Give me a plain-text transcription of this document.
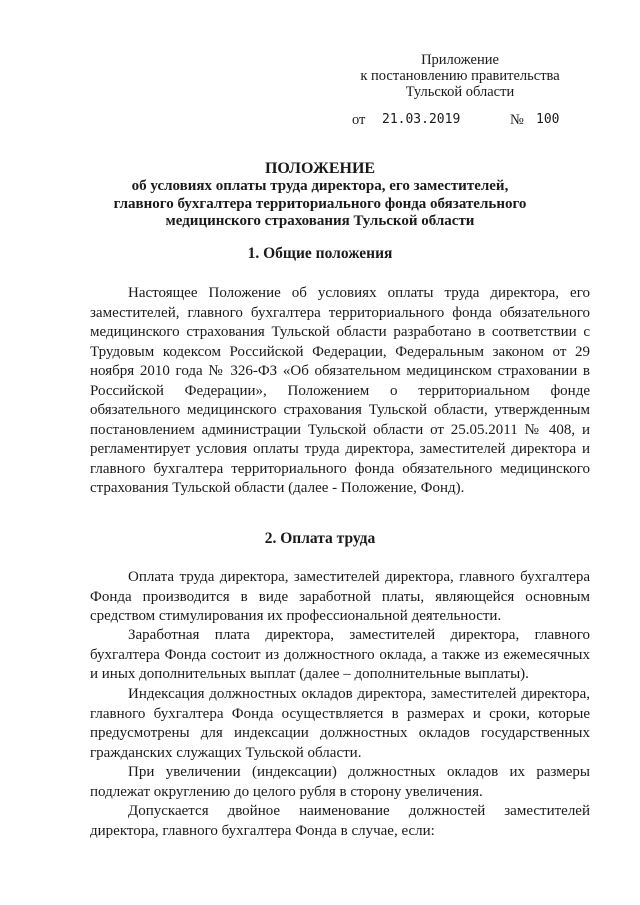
Приложение
к постановлению правительства
Тульской области
от 21.03.2019	№ 100
ПОЛОЖЕНИЕ
об условиях оплаты труда директора, его заместителей,
главного бухгалтера территориального фонда обязательного
медицинского страхования Тульской области
1. Общие положения
Настоящее Положение об условиях оплаты труда директора, его заместителей, главного бухгалтера территориального фонда обязательного медицинского страхования Тульской области разработано в соответствии с Трудовым кодексом Российской Федерации, Федеральным законом от 29 ноября 2010 года № 326-ФЗ «Об обязательном медицинском страховании в Российской Федерации», Положением о территориальном фонде обязательного медицинского страхования Тульской области, утвержденным постановлением администрации Тульской области от 25.05.2011 № 408, и регламентирует условия оплаты труда директора, заместителей директора и главного бухгалтера территориального фонда обязательного медицинского страхования Тульской области (далее - Положение, Фонд).
2. Оплата труда
Оплата труда директора, заместителей директора, главного бухгалтера Фонда производится в виде заработной платы, являющейся основным средством стимулирования их профессиональной деятельности.
Заработная плата директора, заместителей директора, главного бухгалтера Фонда состоит из должностного оклада, а также из ежемесячных и иных дополнительных выплат (далее – дополнительные выплаты).
Индексация должностных окладов директора, заместителей директора, главного бухгалтера Фонда осуществляется в размерах и сроки, которые предусмотрены для индексации должностных окладов государственных гражданских служащих Тульской области.
При увеличении (индексации) должностных окладов их размеры подлежат округлению до целого рубля в сторону увеличения.
Допускается двойное наименование должностей заместителей директора, главного бухгалтера Фонда в случае, если:
